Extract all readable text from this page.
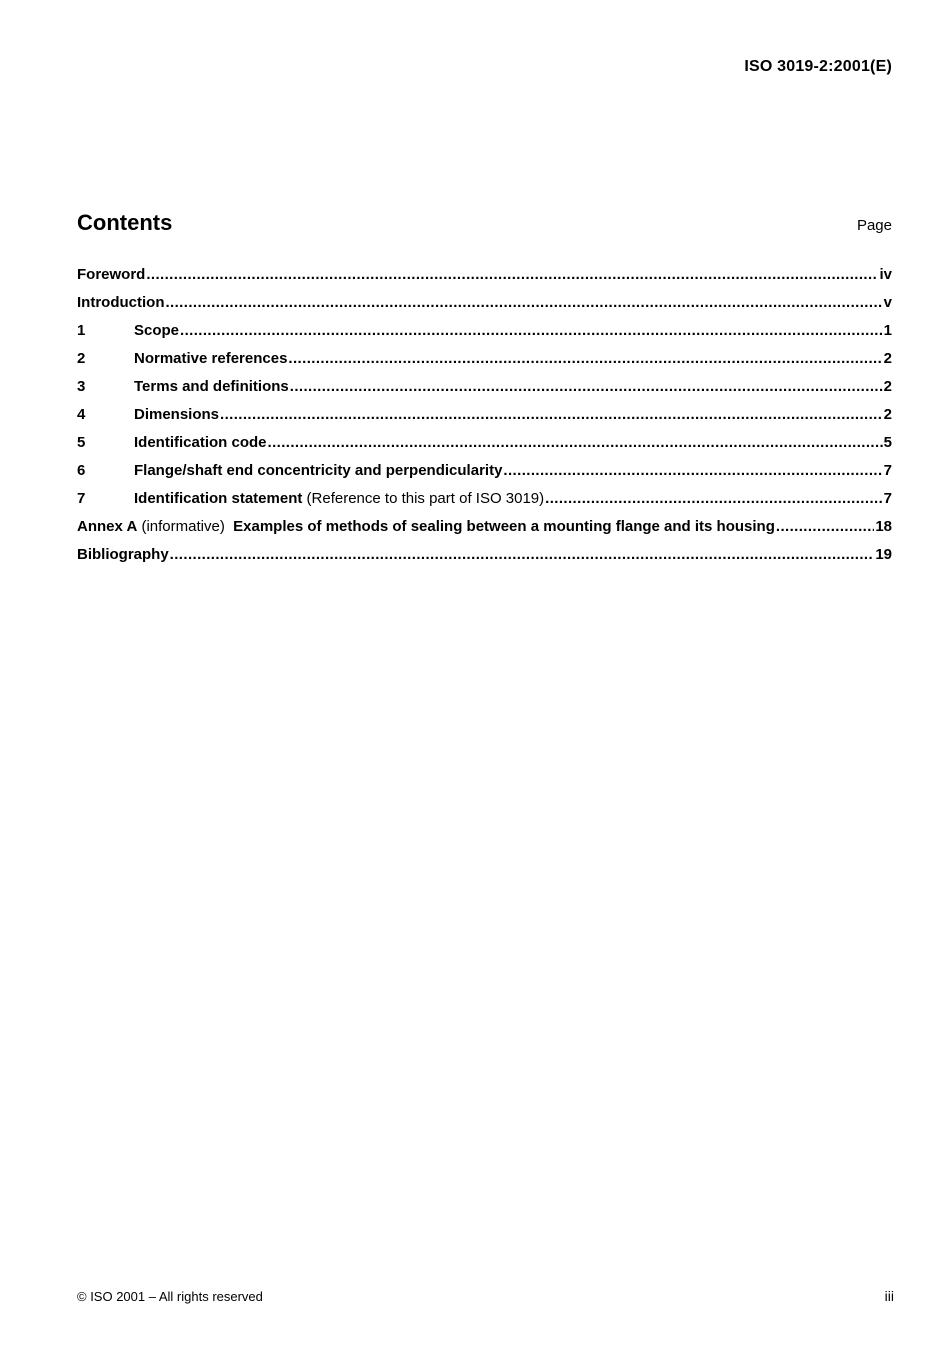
ISO 3019-2:2001(E)
Contents	Page
Foreword .....	iv
Introduction .....	v
1	Scope .....	1
2	Normative references .....	2
3	Terms and definitions .....	2
4	Dimensions .....	2
5	Identification code .....	5
6	Flange/shaft end concentricity and perpendicularity .....	7
7	Identification statement (Reference to this part of ISO 3019) .....	7
Annex A (informative) Examples of methods of sealing between a mounting flange and its housing .....	18
Bibliography .....	19
© ISO 2001 – All rights reserved	iii
